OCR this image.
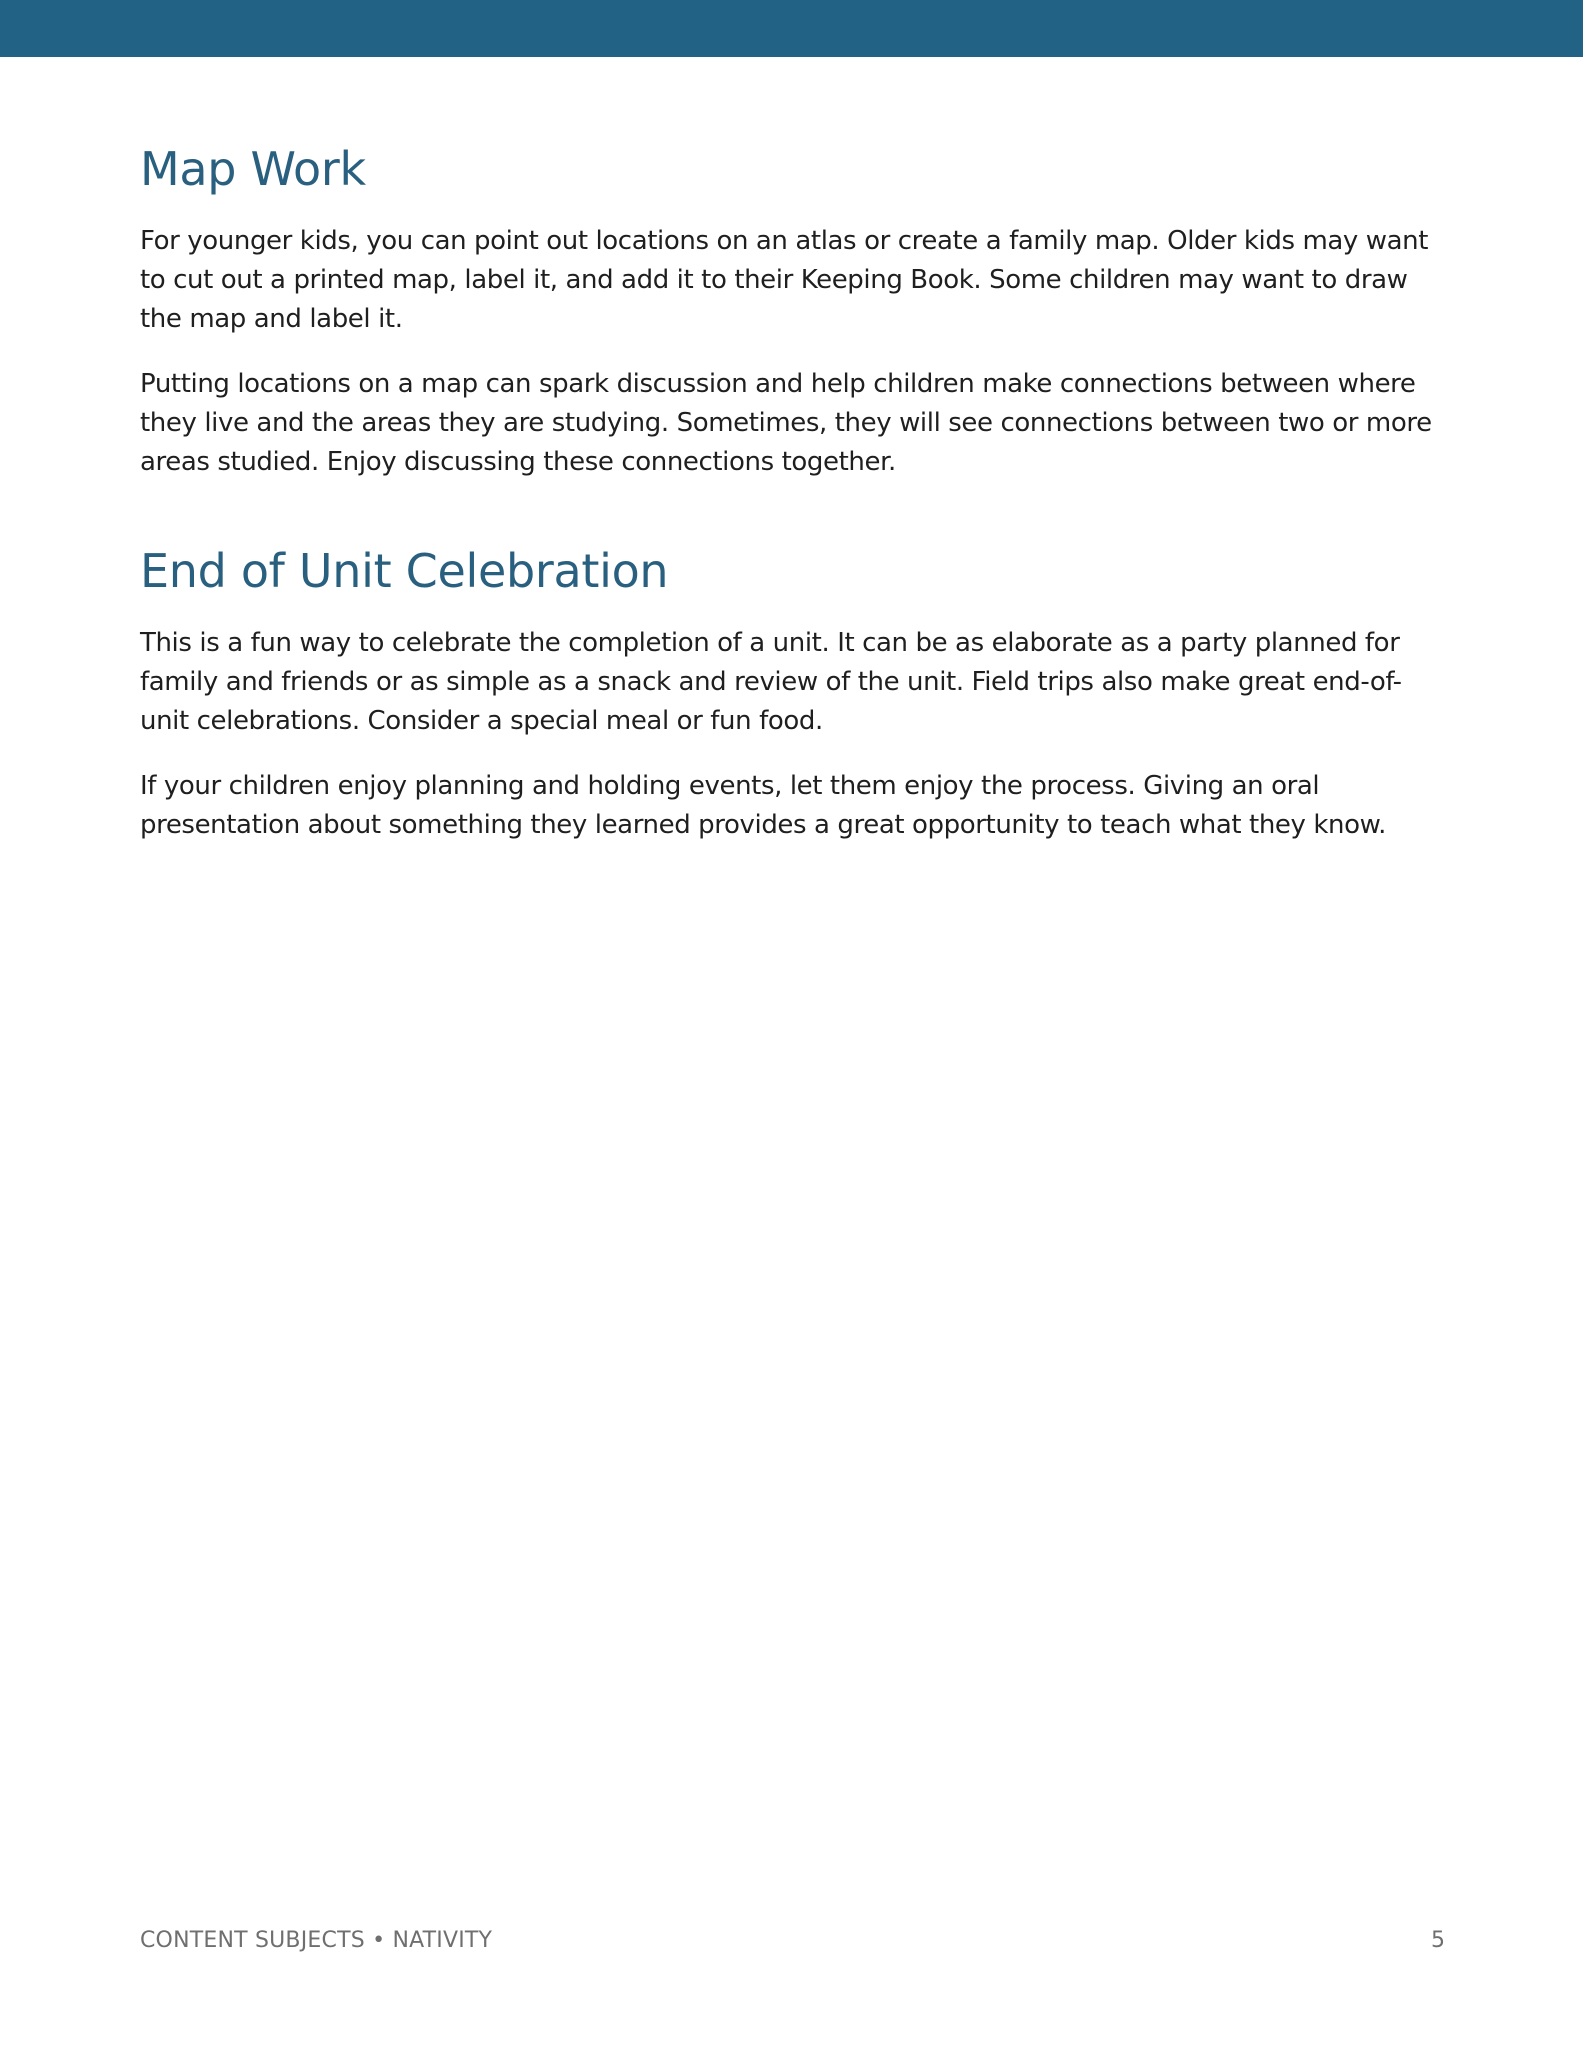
Map Work

For younger kids, you can point out locations on an atlas or create a family map. Older kids may want to cut out a printed map, label it, and add it to their Keeping Book. Some children may want to draw the map and label it.

Putting locations on a map can spark discussion and help children make connections between where they live and the areas they are studying. Sometimes, they will see connections between two or more areas studied. Enjoy discussing these connections together.

End of Unit Celebration

This is a fun way to celebrate the completion of a unit. It can be as elaborate as a party planned for family and friends or as simple as a snack and review of the unit. Field trips also make great end-of-unit celebrations. Consider a special meal or fun food.

If your children enjoy planning and holding events, let them enjoy the process. Giving an oral presentation about something they learned provides a great opportunity to teach what they know.

CONTENT SUBJECTS • NATIVITY	5
